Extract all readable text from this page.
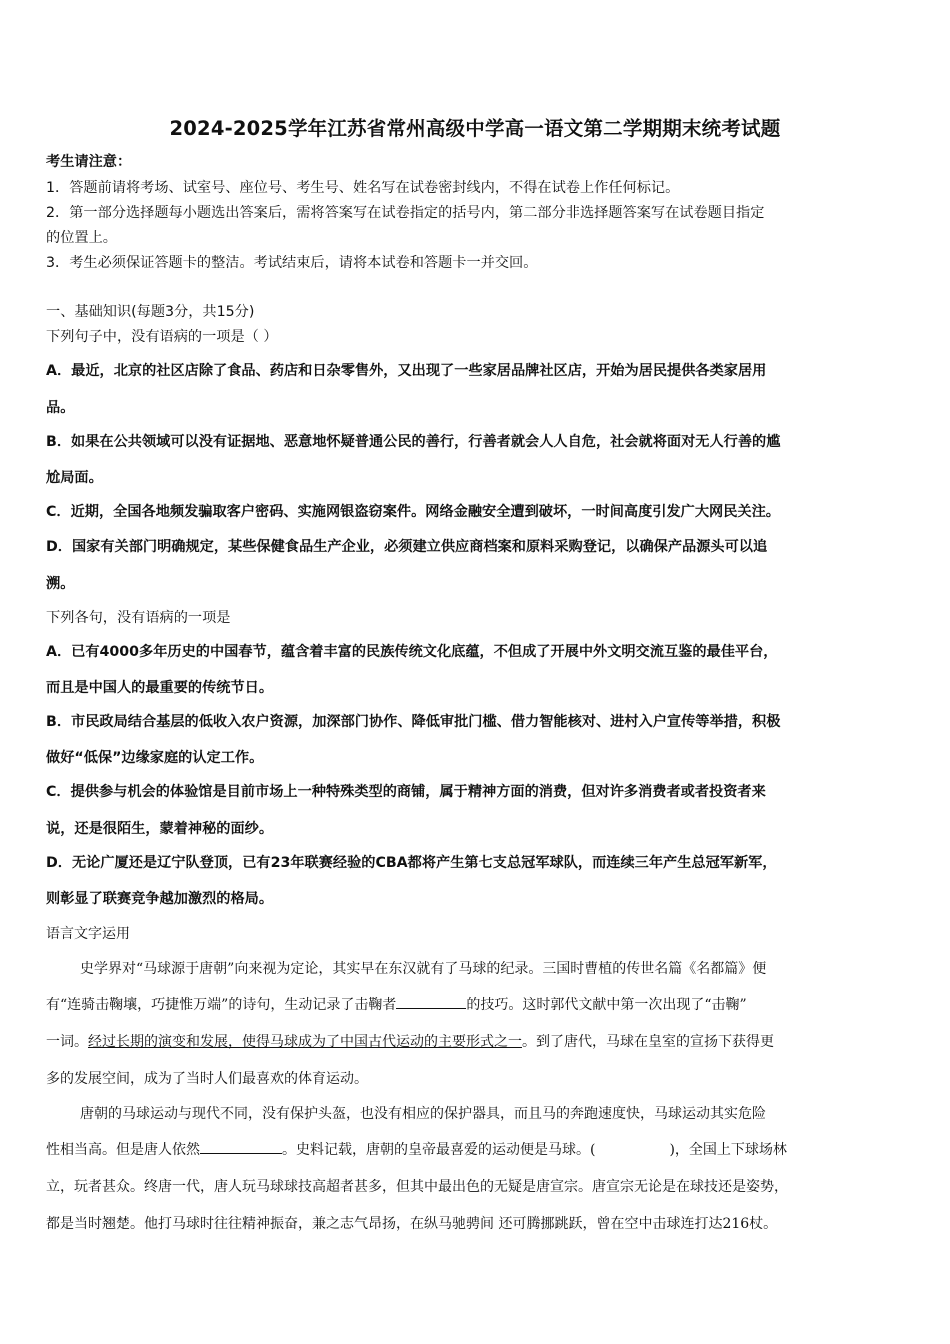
2024-2025学年江苏省常州高级中学高一语文第二学期期末统考试题
考生请注意：
1．答题前请将考场、试室号、座位号、考生号、姓名写在试卷密封线内，不得在试卷上作任何标记。
2．第一部分选择题每小题选出答案后，需将答案写在试卷指定的括号内，第二部分非选择题答案写在试卷题目指定
的位置上。
3．考生必须保证答题卡的整洁。考试结束后，请将本试卷和答题卡一并交回。
一、基础知识(每题3分，共15分)
下列句子中，没有语病的一项是（ ）
A．最近，北京的社区店除了食品、药店和日杂零售外，又出现了一些家居品牌社区店，开始为居民提供各类家居用
品。
B．如果在公共领域可以没有证据地、恶意地怀疑普通公民的善行，行善者就会人人自危，社会就将面对无人行善的尴
尬局面。
C．近期，全国各地频发骗取客户密码、实施网银盗窃案件。网络金融安全遭到破坏，一时间高度引发广大网民关注。
D．国家有关部门明确规定，某些保健食品生产企业，必须建立供应商档案和原料采购登记，以确保产品源头可以追
溯。
下列各句，没有语病的一项是
A．已有4000多年历史的中国春节，蕴含着丰富的民族传统文化底蕴，不但成了开展中外文明交流互鉴的最佳平台，
而且是中国人的最重要的传统节日。
B．市民政局结合基层的低收入农户资源，加深部门协作、降低审批门槛、借力智能核对、进村入户宣传等举措，积极
做好“低保”边缘家庭的认定工作。
C．提供参与机会的体验馆是目前市场上一种特殊类型的商铺，属于精神方面的消费，但对许多消费者或者投资者来
说，还是很陌生，蒙着神秘的面纱。
D．无论广厦还是辽宁队登顶，已有23年联赛经验的CBA都将产生第七支总冠军球队，而连续三年产生总冠军新军，
则彰显了联赛竞争越加激烈的格局。
语言文字运用
史学界对“马球源于唐朝”向来视为定论，其实早在东汉就有了马球的纪录。三国时曹植的传世名篇《名都篇》便
有“连骑击鞠壤，巧捷惟万端”的诗句，生动记录了击鞠者	的技巧。这时郭代文献中第一次出现了“击鞠”
一词。经过长期的演变和发展，使得马球成为了中国古代运动的主要形式之一。到了唐代，马球在皇室的宣扬下获得更
多的发展空间，成为了当时人们最喜欢的体育运动。
唐朝的马球运动与现代不同，没有保护头盔，也没有相应的保护器具，而且马的奔跑速度快，马球运动其实危险
性相当高。但是唐人依然	。史料记载，唐朝的皇帝最喜爱的运动便是马球。(	)，全国上下球场林
立，玩者甚众。终唐一代，唐人玩马球球技高超者甚多，但其中最出色的无疑是唐宣宗。唐宣宗无论是在球技还是姿势，
都是当时翘楚。他打马球时往往精神振奋，兼之志气昂扬，在纵马驰骋间 还可腾挪跳跃，曾在空中击球连打达216杖。
